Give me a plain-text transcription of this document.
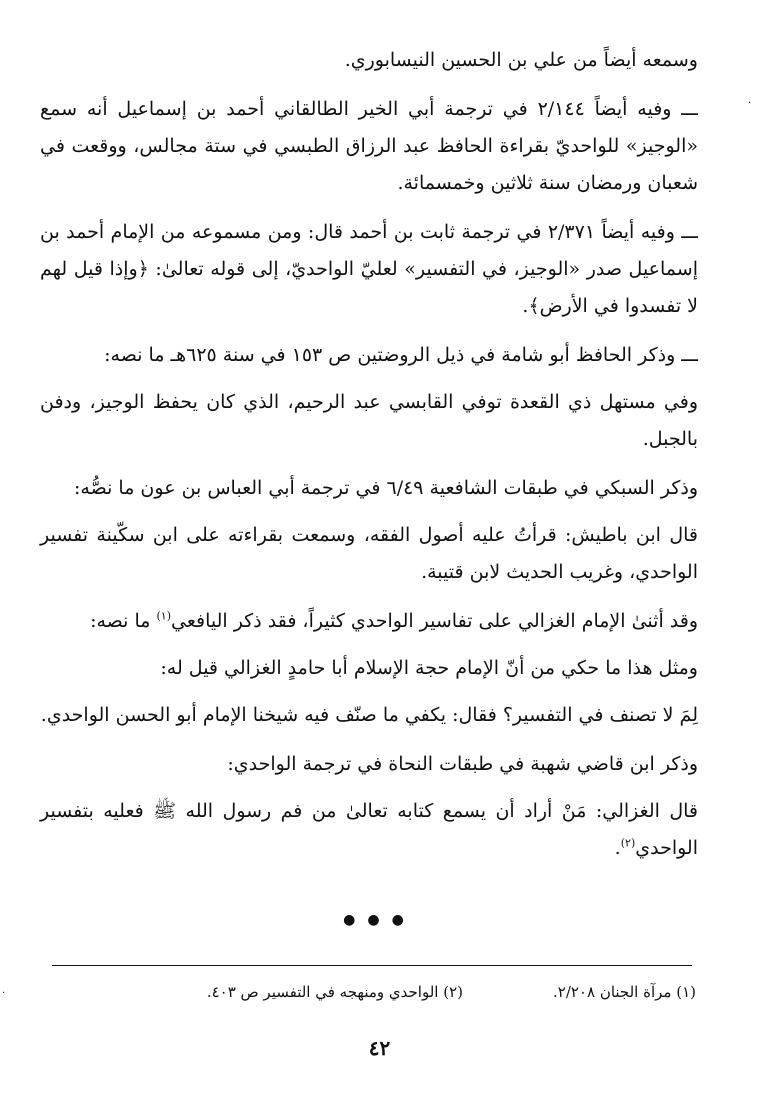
·
·

وسمعه أيضاً من علي بن الحسين النيسابوري.

ـــ وفيه أيضاً ٢/١٤٤ في ترجمة أبي الخير الطالقاني أحمد بن إسماعيل أنه سمع «الوجيز» للواحديّ بقراءة الحافظ عبد الرزاق الطبسي في ستة مجالس، ووقعت في شعبان ورمضان سنة ثلاثين وخمسمائة.

ـــ وفيه أيضاً ٢/٣٧١ في ترجمة ثابت بن أحمد قال: ومن مسموعه من الإمام أحمد بن إسماعيل صدر «الوجيز، في التفسير» لعليّ الواحديّ، إلى قوله تعالىٰ: ﴿وإذا قيل لهم لا تفسدوا في الأرض﴾.

ـــ وذكر الحافظ أبو شامة في ذيل الروضتين ص ١٥٣ في سنة ٦٢٥هـ ما نصه:

وفي مستهل ذي القعدة توفي القابسي عبد الرحيم، الذي كان يحفظ الوجيز، ودفن بالجبل.

وذكر السبكي في طبقات الشافعية ٦/٤٩ في ترجمة أبي العباس بن عون ما نصُّه:

قال ابن باطيش: قرأتُ عليه أصول الفقه، وسمعت بقراءته على ابن سكّينة تفسير الواحدي، وغريب الحديث لابن قتيبة.

وقد أثنىٰ الإمام الغزالي على تفاسير الواحدي كثيراً، فقد ذكر اليافعي$^{(١)}$ ما نصه:

ومثل هذا ما حكي من أنّ الإمام حجة الإسلام أبا حامدٍ الغزالي قيل له:

لِمَ لا تصنف في التفسير؟ فقال: يكفي ما صنّف فيه شيخنا الإمام أبو الحسن الواحدي.

وذكر ابن قاضي شهبة في طبقات النحاة في ترجمة الواحدي:

قال الغزالي: مَنْ أراد أن يسمع كتابه تعالىٰ من فم رسول الله ﷺ فعليه بتفسير الواحدي$^{(٢)}$.

●●●
(١) مرآة الجنان ٢/٢٠٨.
(٢) الواحدي ومنهجه في التفسير ص ٤٠٣.
٤٢
